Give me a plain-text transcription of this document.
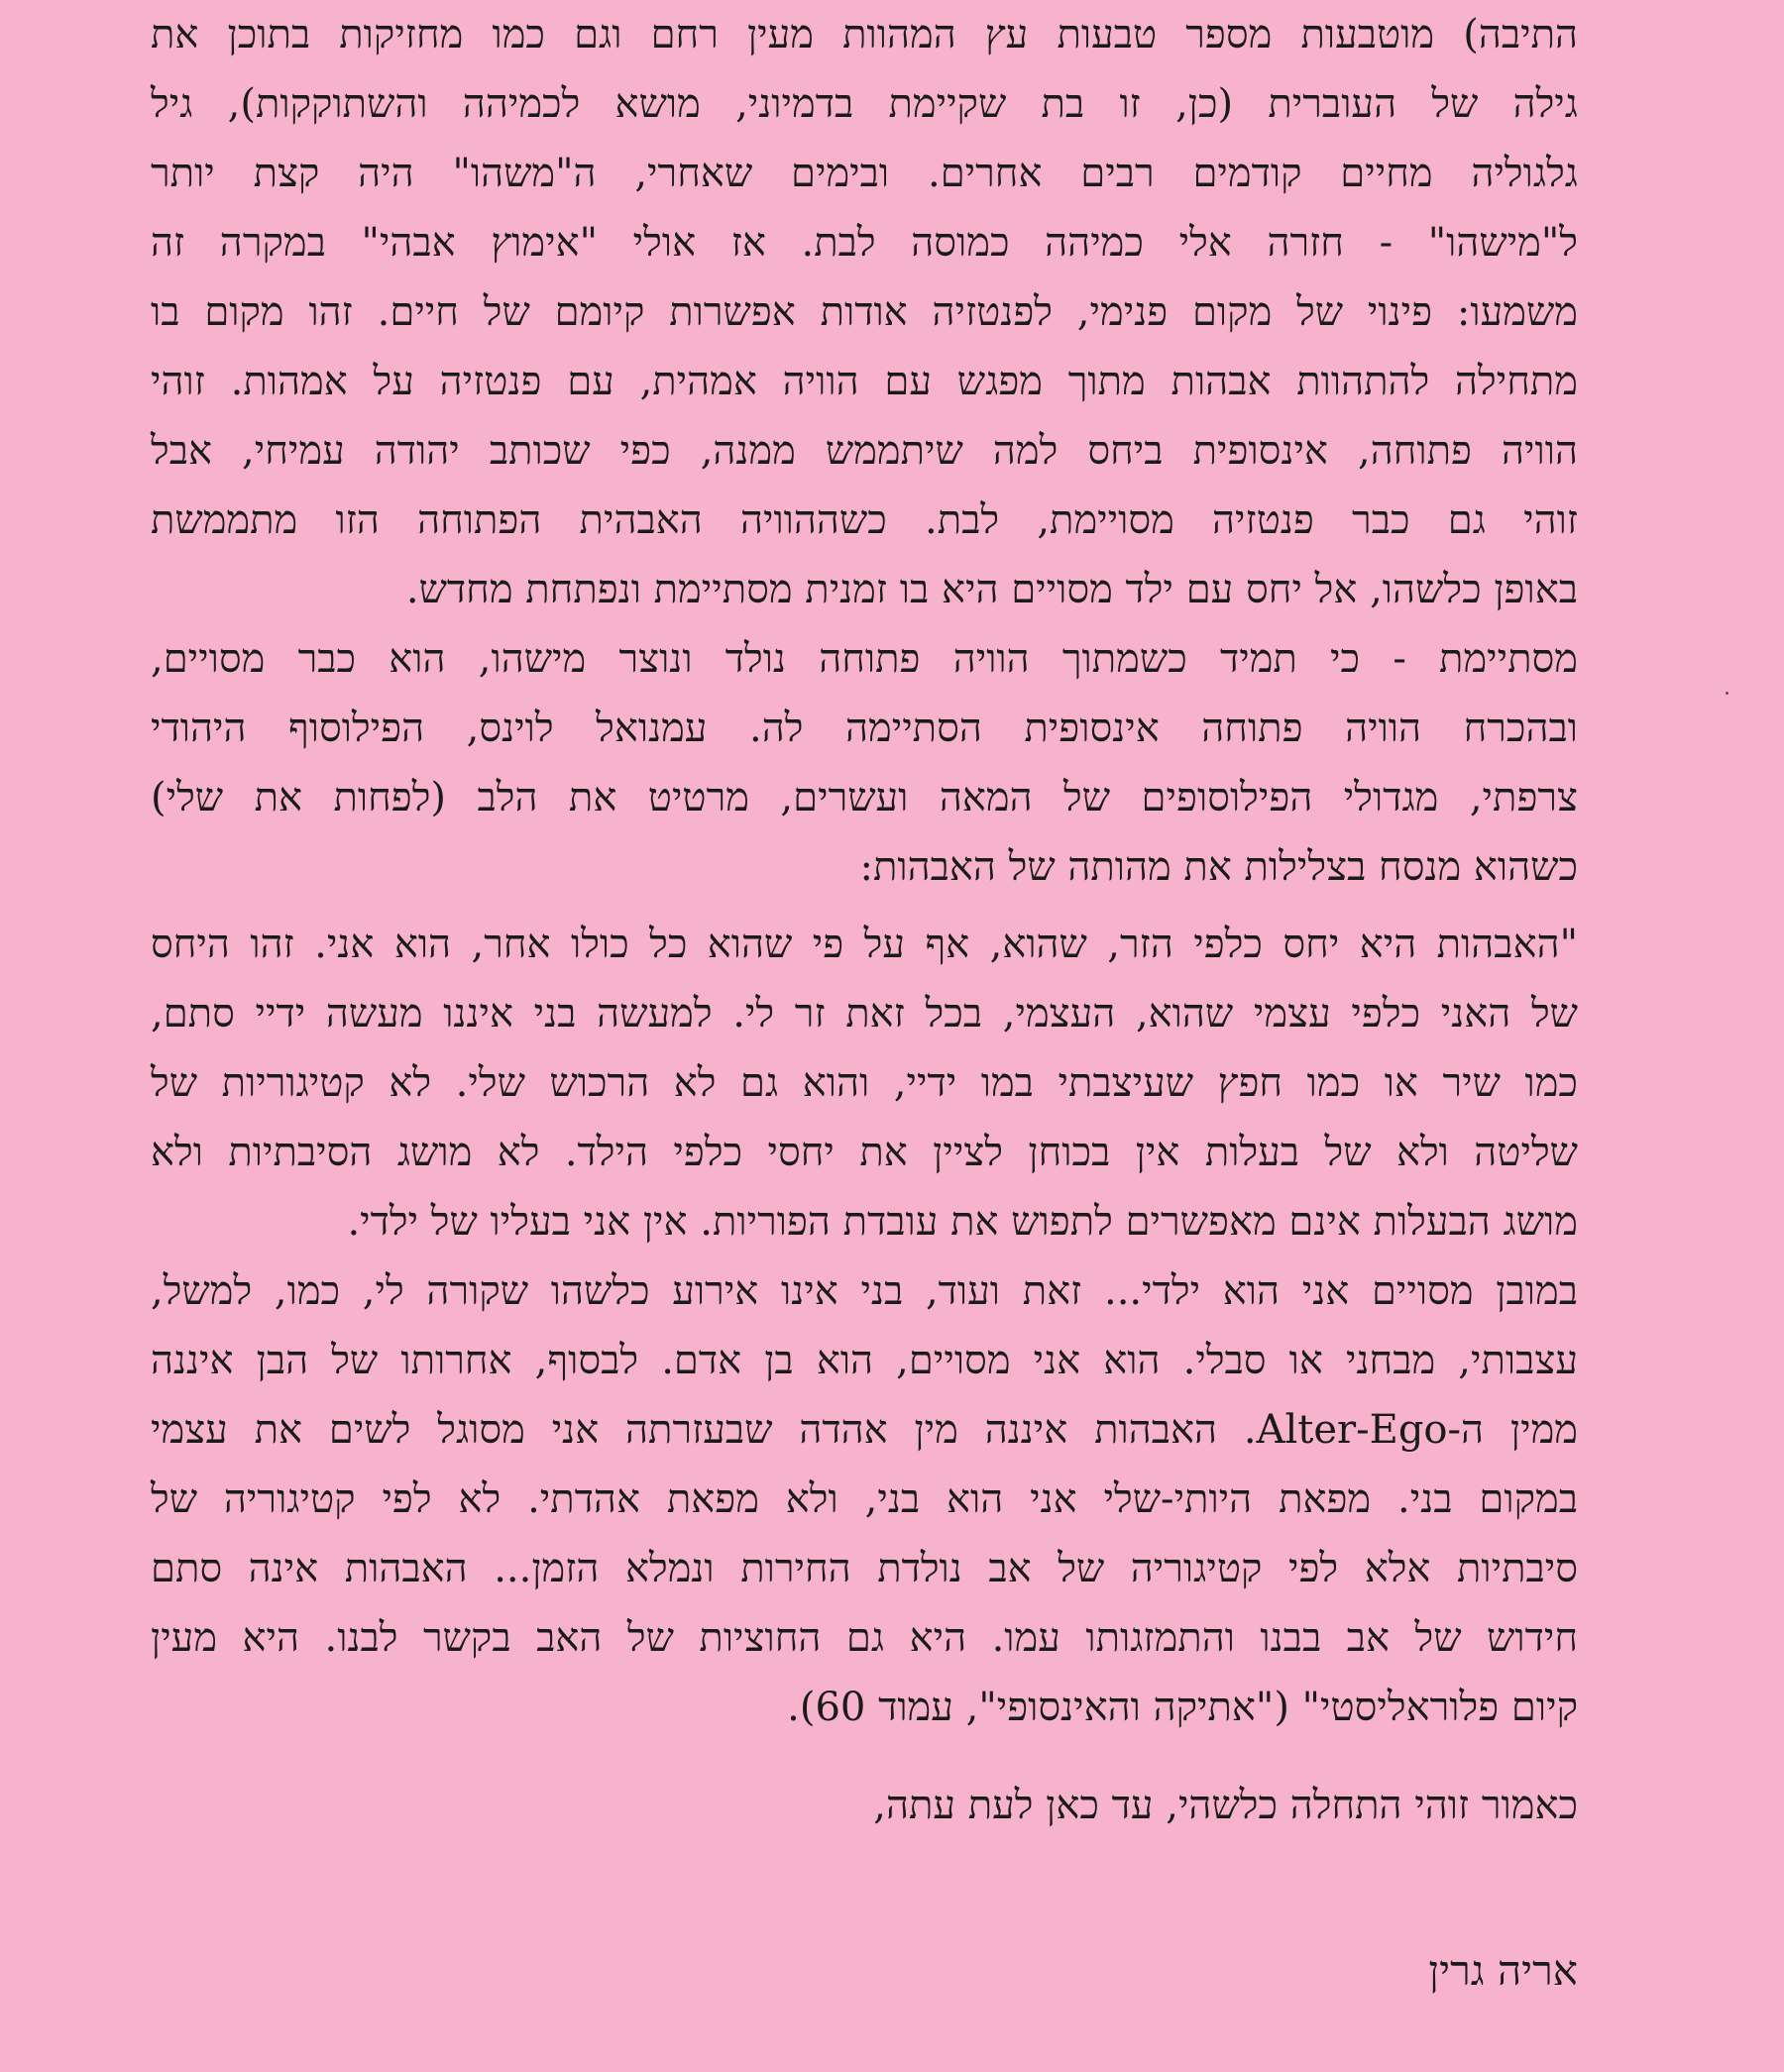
התיבה) מוטבעות מספר טבעות עץ המהוות מעין רחם וגם כמו מחזיקות בתוכן את
גילה של העוברית (כן, זו בת שקיימת בדמיוני, מושא לכמיהה והשתוקקות), גיל
גלגוליה מחיים קודמים רבים אחרים. ובימים שאחרי, ה"משהו" היה קצת יותר
ל"מישהו" - חזרה אלי כמיהה כמוסה לבת. אז אולי "אימוץ אבהי" במקרה זה
משמעו: פינוי של מקום פנימי, לפנטזיה אודות אפשרות קיומם של חיים. זהו מקום בו
מתחילה להתהוות אבהות מתוך מפגש עם הוויה אמהית, עם פנטזיה על אמהות. זוהי
הוויה פתוחה, אינסופית ביחס למה שיתממש ממנה, כפי שכותב יהודה עמיחי, אבל
זוהי גם כבר פנטזיה מסויימת, לבת. כשההוויה האבהית הפתוחה הזו מתממשת
באופן כלשהו, אל יחס עם ילד מסויים היא בו זמנית מסתיימת ונפתחת מחדש.
מסתיימת - כי תמיד כשמתוך הוויה פתוחה נולד ונוצר מישהו, הוא כבר מסויים,
ובהכרח הוויה פתוחה אינסופית הסתיימה לה. עמנואל לוינס, הפילוסוף היהודי
צרפתי, מגדולי הפילוסופים של המאה ועשרים, מרטיט את הלב (לפחות את שלי)
כשהוא מנסח בצלילות את מהותה של האבהות:
"האבהות היא יחס כלפי הזר, שהוא, אף על פי שהוא כל כולו אחר, הוא אני. זהו היחס
של האני כלפי עצמי שהוא, העצמי, בכל זאת זר לי. למעשה בני איננו מעשה ידיי סתם,
כמו שיר או כמו חפץ שעיצבתי במו ידיי, והוא גם לא הרכוש שלי. לא קטיגוריות של
שליטה ולא של בעלות אין בכוחן לציין את יחסי כלפי הילד. לא מושג הסיבתיות ולא
מושג הבעלות אינם מאפשרים לתפוש את עובדת הפוריות. אין אני בעליו של ילדי.
במובן מסויים אני הוא ילדי... זאת ועוד, בני אינו אירוע כלשהו שקורה לי, כמו, למשל,
עצבותי, מבחני או סבלי. הוא אני מסויים, הוא בן אדם. לבסוף, אחרותו של הבן איננה
ממין ה-Alter-Ego. האבהות איננה מין אהדה שבעזרתה אני מסוגל לשים את עצמי
במקום בני. מפאת היותי-שלי אני הוא בני, ולא מפאת אהדתי. לא לפי קטיגוריה של
סיבתיות אלא לפי קטיגוריה של אב נולדת החירות ונמלא הזמן... האבהות אינה סתם
חידוש של אב בבנו והתמזגותו עמו. היא גם החוציות של האב בקשר לבנו. היא מעין
קיום פלוראליסטי" ("אתיקה והאינסופי", עמוד 60).
כאמור זוהי התחלה כלשהי, עד כאן לעת עתה,
אריה גרין
